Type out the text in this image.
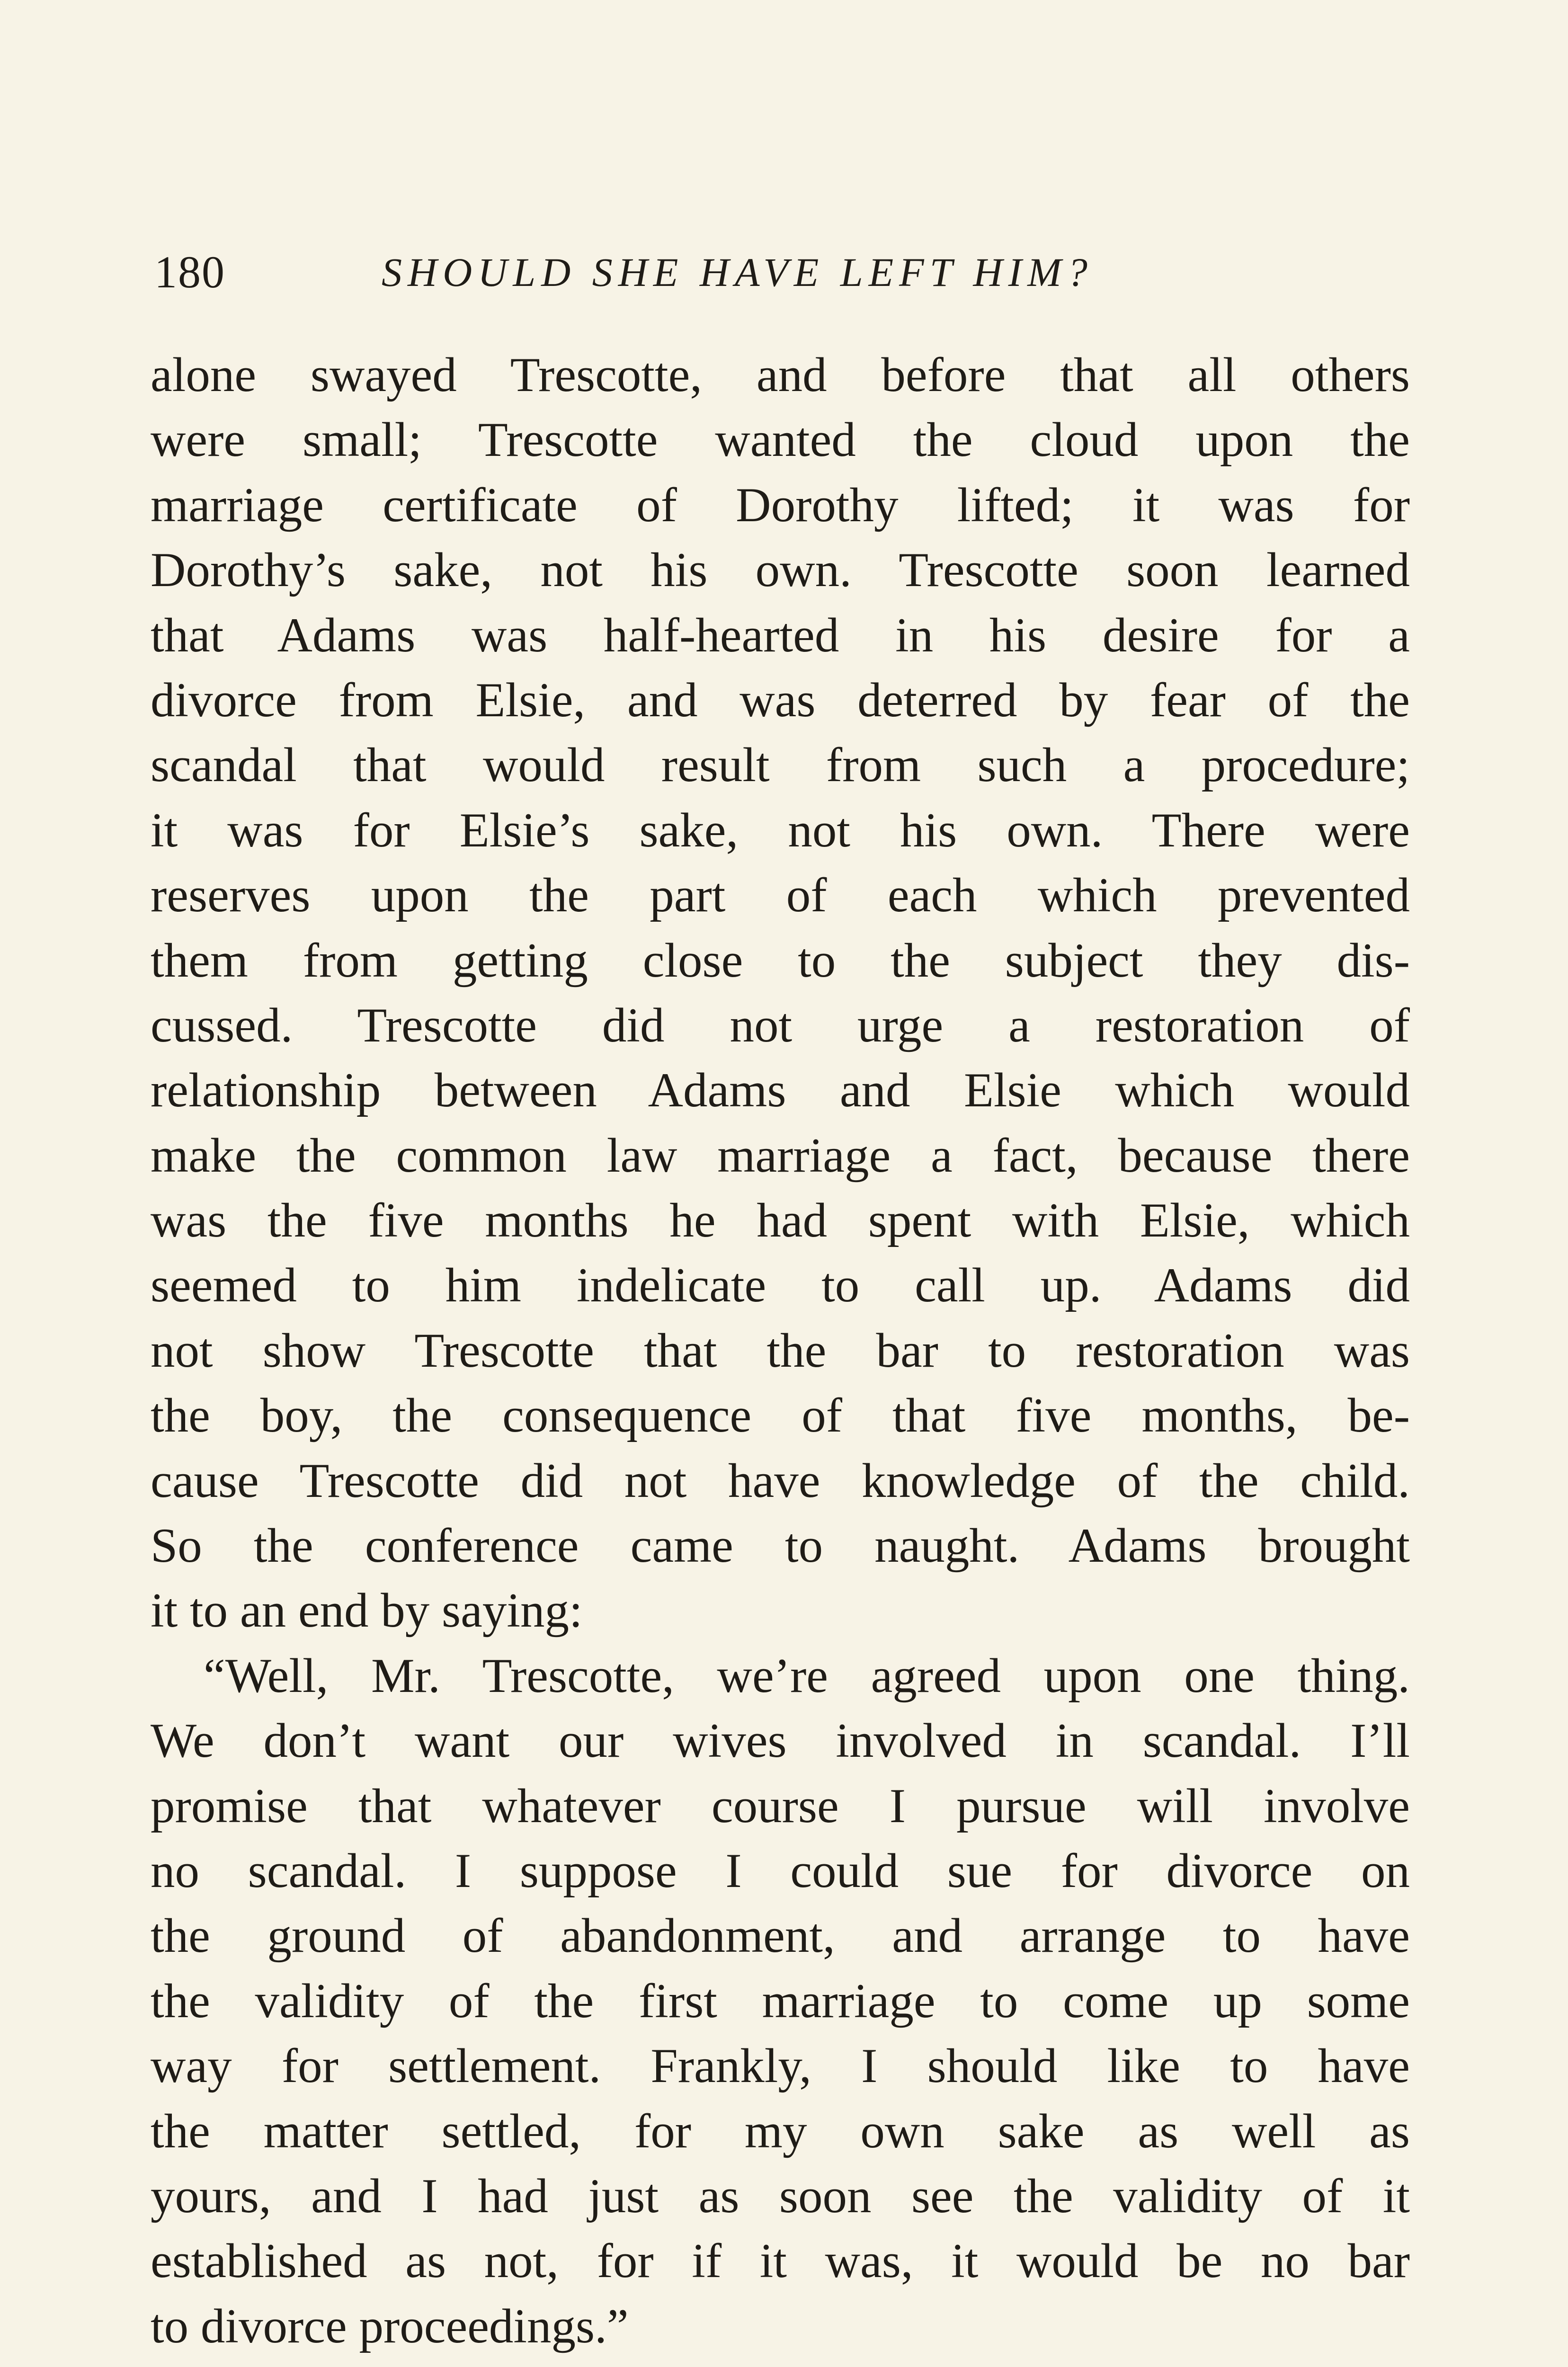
180	SHOULD SHE HAVE LEFT HIM?
alone swayed Trescotte, and before that all others
were small; Trescotte wanted the cloud upon the
marriage certificate of Dorothy lifted; it was for
Dorothy’s sake, not his own. Trescotte soon learned
that Adams was half-hearted in his desire for a
divorce from Elsie, and was deterred by fear of the
scandal that would result from such a procedure;
it was for Elsie’s sake, not his own. There were
reserves upon the part of each which prevented
them from getting close to the subject they dis-
cussed. Trescotte did not urge a restoration of
relationship between Adams and Elsie which would
make the common law marriage a fact, because there
was the five months he had spent with Elsie, which
seemed to him indelicate to call up. Adams did
not show Trescotte that the bar to restoration was
the boy, the consequence of that five months, be-
cause Trescotte did not have knowledge of the child.
So the conference came to naught. Adams brought
it to an end by saying:
“Well, Mr. Trescotte, we’re agreed upon one thing.
We don’t want our wives involved in scandal. I’ll
promise that whatever course I pursue will involve
no scandal. I suppose I could sue for divorce on
the ground of abandonment, and arrange to have
the validity of the first marriage to come up some
way for settlement. Frankly, I should like to have
the matter settled, for my own sake as well as
yours, and I had just as soon see the validity of it
established as not, for if it was, it would be no bar
to divorce proceedings.”
